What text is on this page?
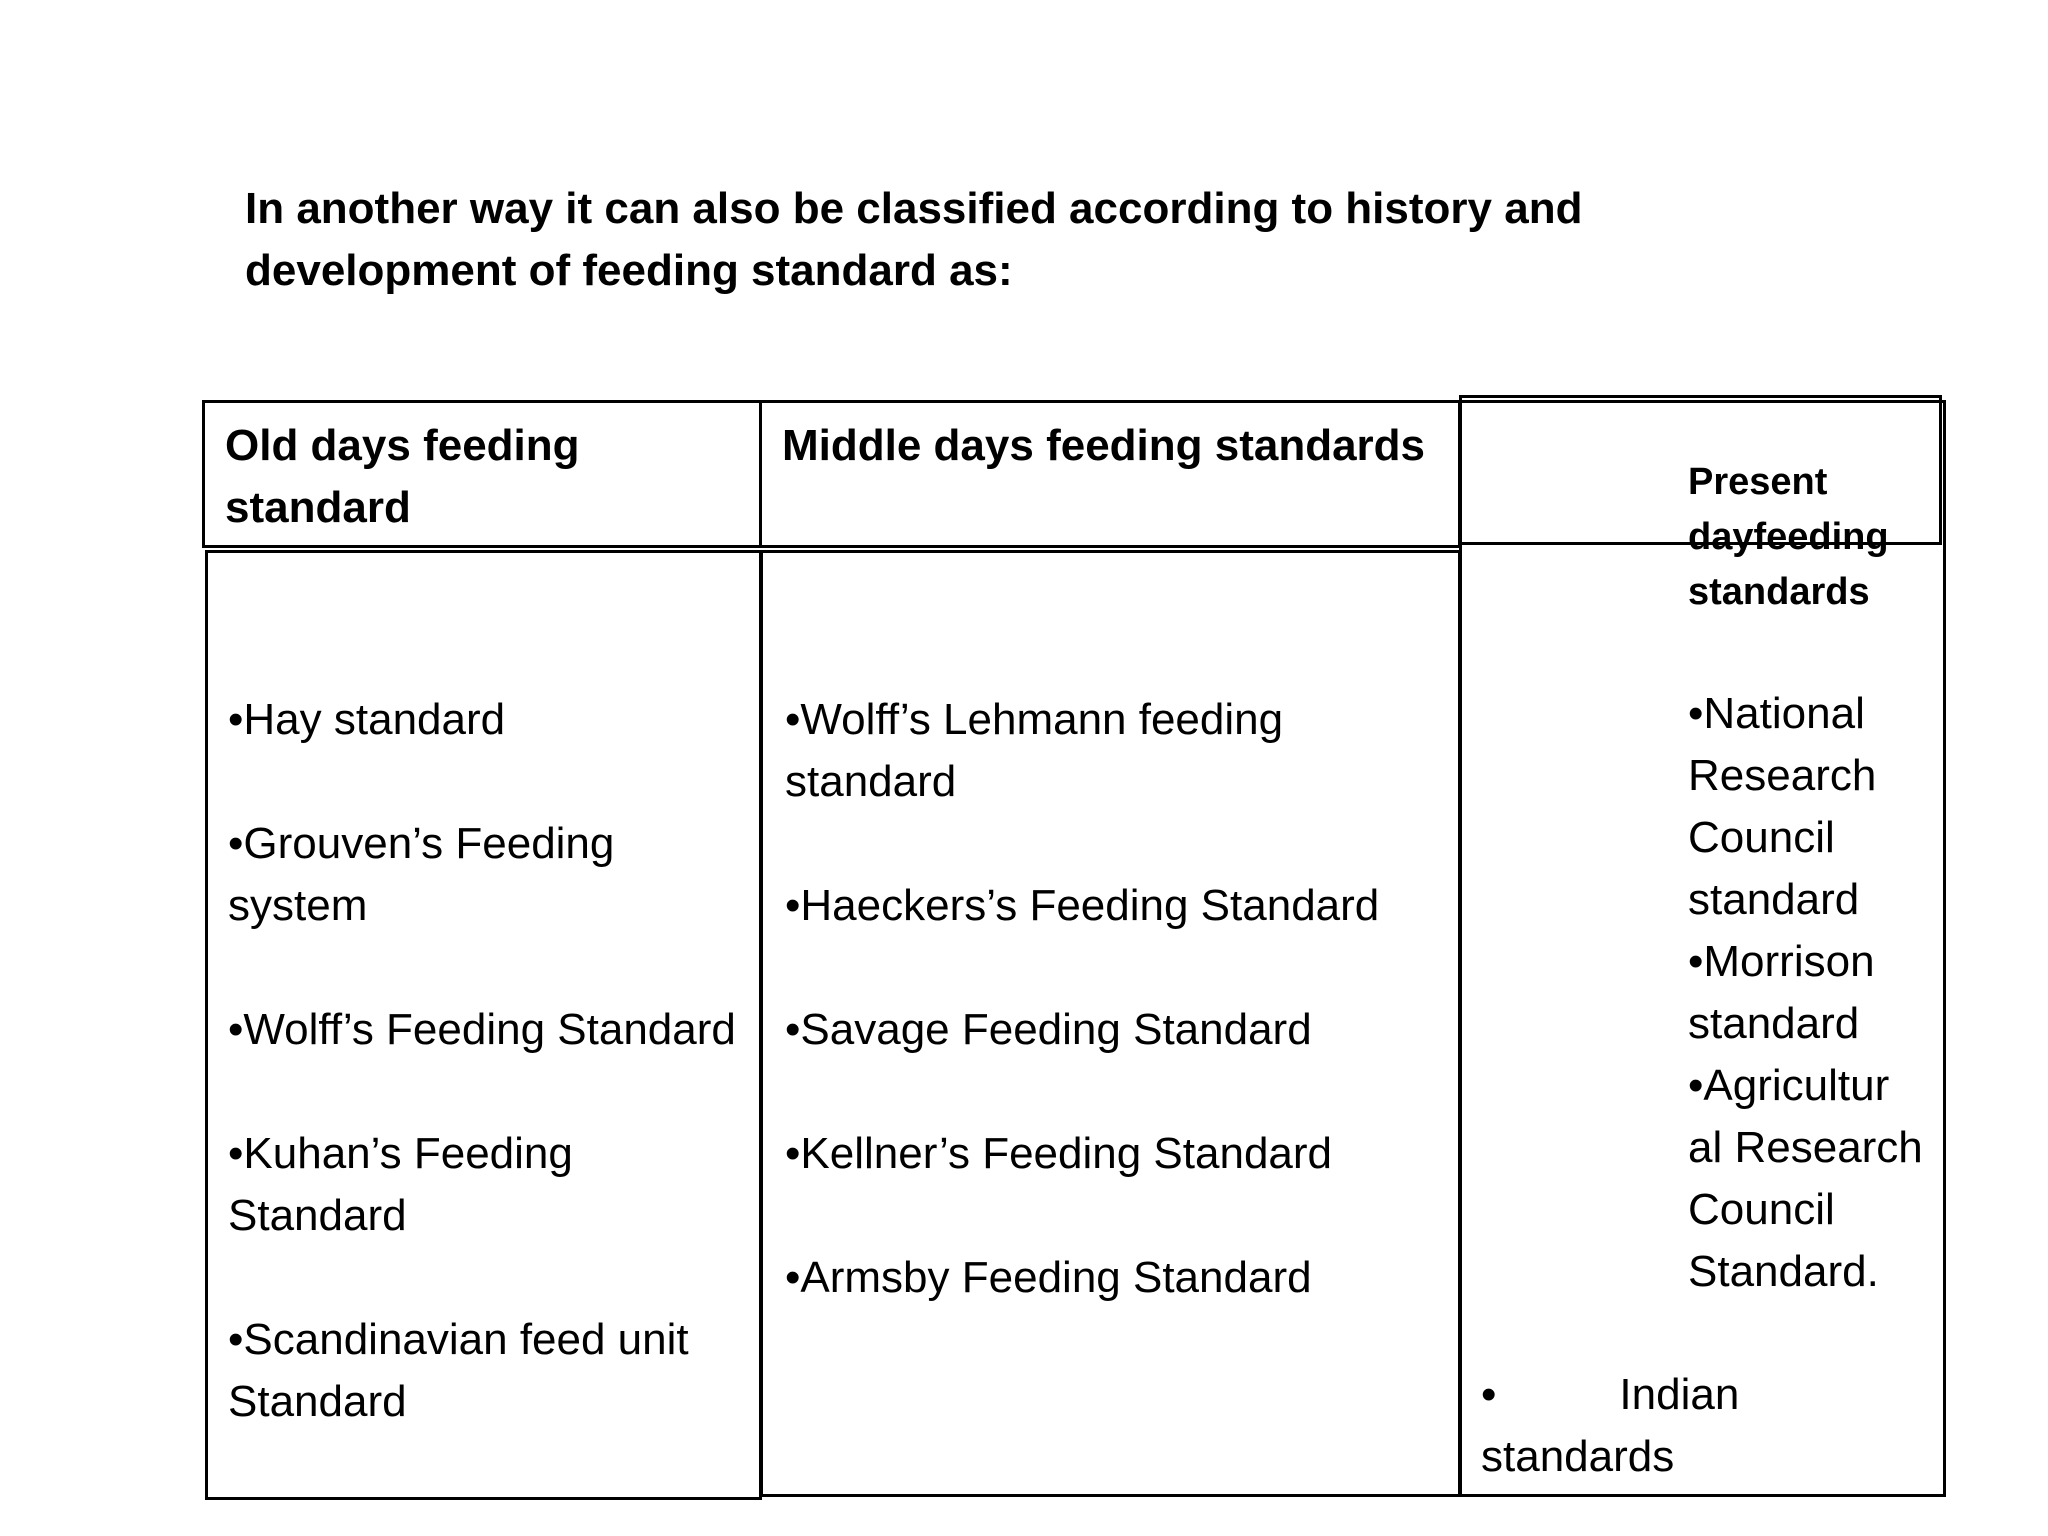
In another way it can also be classified according to history and development of feeding standard as:
Old days feeding standard
•Hay standard
•Grouven’s Feeding system
•Wolff’s Feeding Standard
•Kuhan’s Feeding Standard
•Scandinavian feed unit Standard
Middle days feeding standards
•Wolff’s Lehmann feeding standard
•Haeckers’s Feeding Standard
•Savage Feeding Standard
•Kellner’s Feeding Standard
•Armsby Feeding Standard
Present dayfeeding standards
•National Research Council standard
•Morrison standard
•Agricultur al Research Council Standard.
•	Indian
standards
